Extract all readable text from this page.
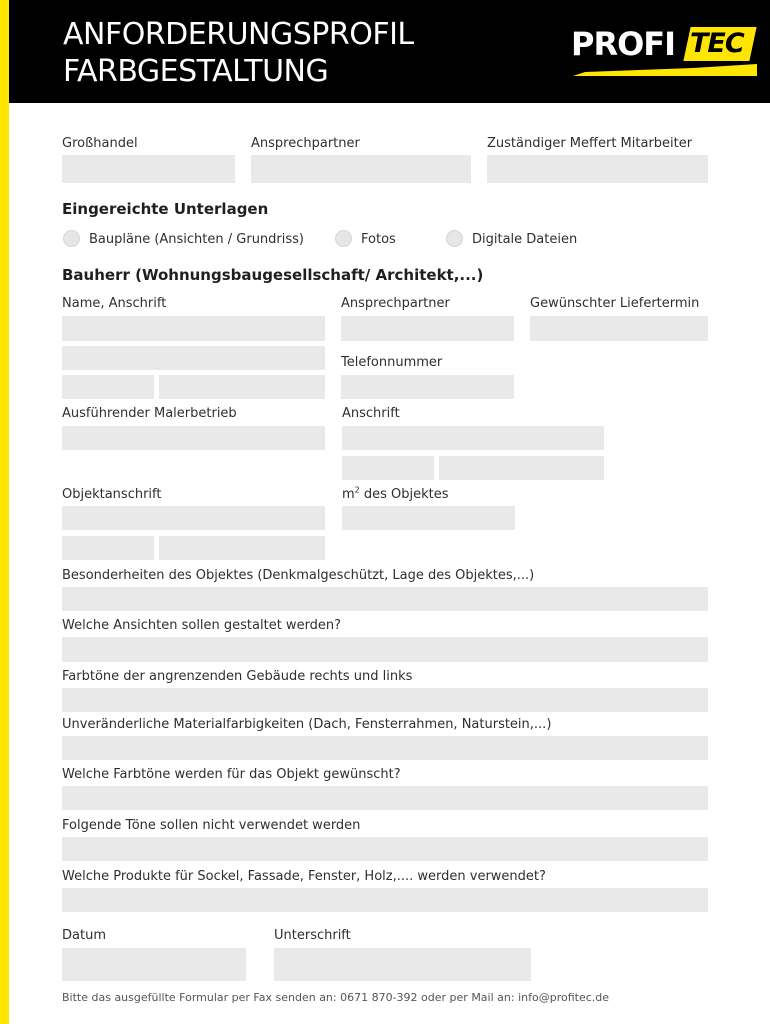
ANFORDERUNGSPROFIL
FARBGESTALTUNG
PROFI TEC
Großhandel	Ansprechpartner	Zuständiger Meffert Mitarbeiter
Eingereichte Unterlagen
Baupläne (Ansichten / Grundriss)	Fotos	Digitale Dateien
Bauherr (Wohnungsbaugesellschaft/ Architekt,...)
Name, Anschrift	Ansprechpartner	Gewünschter Liefertermin
Telefonnummer
Ausführender Malerbetrieb	Anschrift
Objektanschrift	$m^2$ des Objektes
Besonderheiten des Objektes (Denkmalgeschützt, Lage des Objektes,...)
Welche Ansichten sollen gestaltet werden?
Farbtöne der angrenzenden Gebäude rechts und links
Unveränderliche Materialfarbigkeiten (Dach, Fensterrahmen, Naturstein,...)
Welche Farbtöne werden für das Objekt gewünscht?
Folgende Töne sollen nicht verwendet werden
Welche Produkte für Sockel, Fassade, Fenster, Holz,.... werden verwendet?
Datum	Unterschrift
Bitte das ausgefüllte Formular per Fax senden an: 0671 870-392 oder per Mail an: info@profitec.de
